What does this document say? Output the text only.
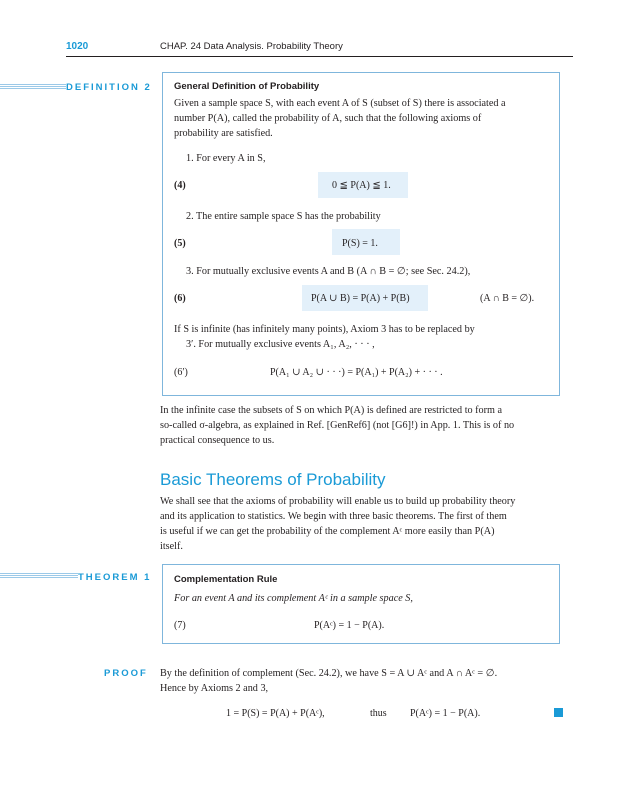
1020	CHAP. 24 Data Analysis. Probability Theory
DEFINITION 2 General Definition of Probability
Given a sample space S, with each event A of S (subset of S) there is associated a
number P(A), called the probability of A, such that the following axioms of
probability are satisfied.
1. For every A in S,
(4)	0 ≦ P(A) ≦ 1.
2. The entire sample space S has the probability
(5)	P(S) = 1.
3. For mutually exclusive events A and B (A ∩ B = ∅; see Sec. 24.2),
(6)	P(A ∪ B) = P(A) + P(B)	(A ∩ B = ∅).
If S is infinite (has infinitely many points), Axiom 3 has to be replaced by
3′. For mutually exclusive events A₁, A₂, · · · ,
(6′)	P(A₁ ∪ A₂ ∪ · · ·) = P(A₁) + P(A₂) + · · · .
In the infinite case the subsets of S on which P(A) is defined are restricted to form a
so-called σ-algebra, as explained in Ref. [GenRef6] (not [G6]!) in App. 1. This is of no
practical consequence to us.
Basic Theorems of Probability
We shall see that the axioms of probability will enable us to build up probability theory
and its application to statistics. We begin with three basic theorems. The first of them
is useful if we can get the probability of the complement Aᶜ more easily than P(A)
itself.
THEOREM 1 Complementation Rule
For an event A and its complement Aᶜ in a sample space S,
(7)	P(Aᶜ) = 1 − P(A).
PROOF By the definition of complement (Sec. 24.2), we have S = A ∪ Aᶜ and A ∩ Aᶜ = ∅.
Hence by Axioms 2 and 3,
1 = P(S) = P(A) + P(Aᶜ),	thus P(Aᶜ) = 1 − P(A).
